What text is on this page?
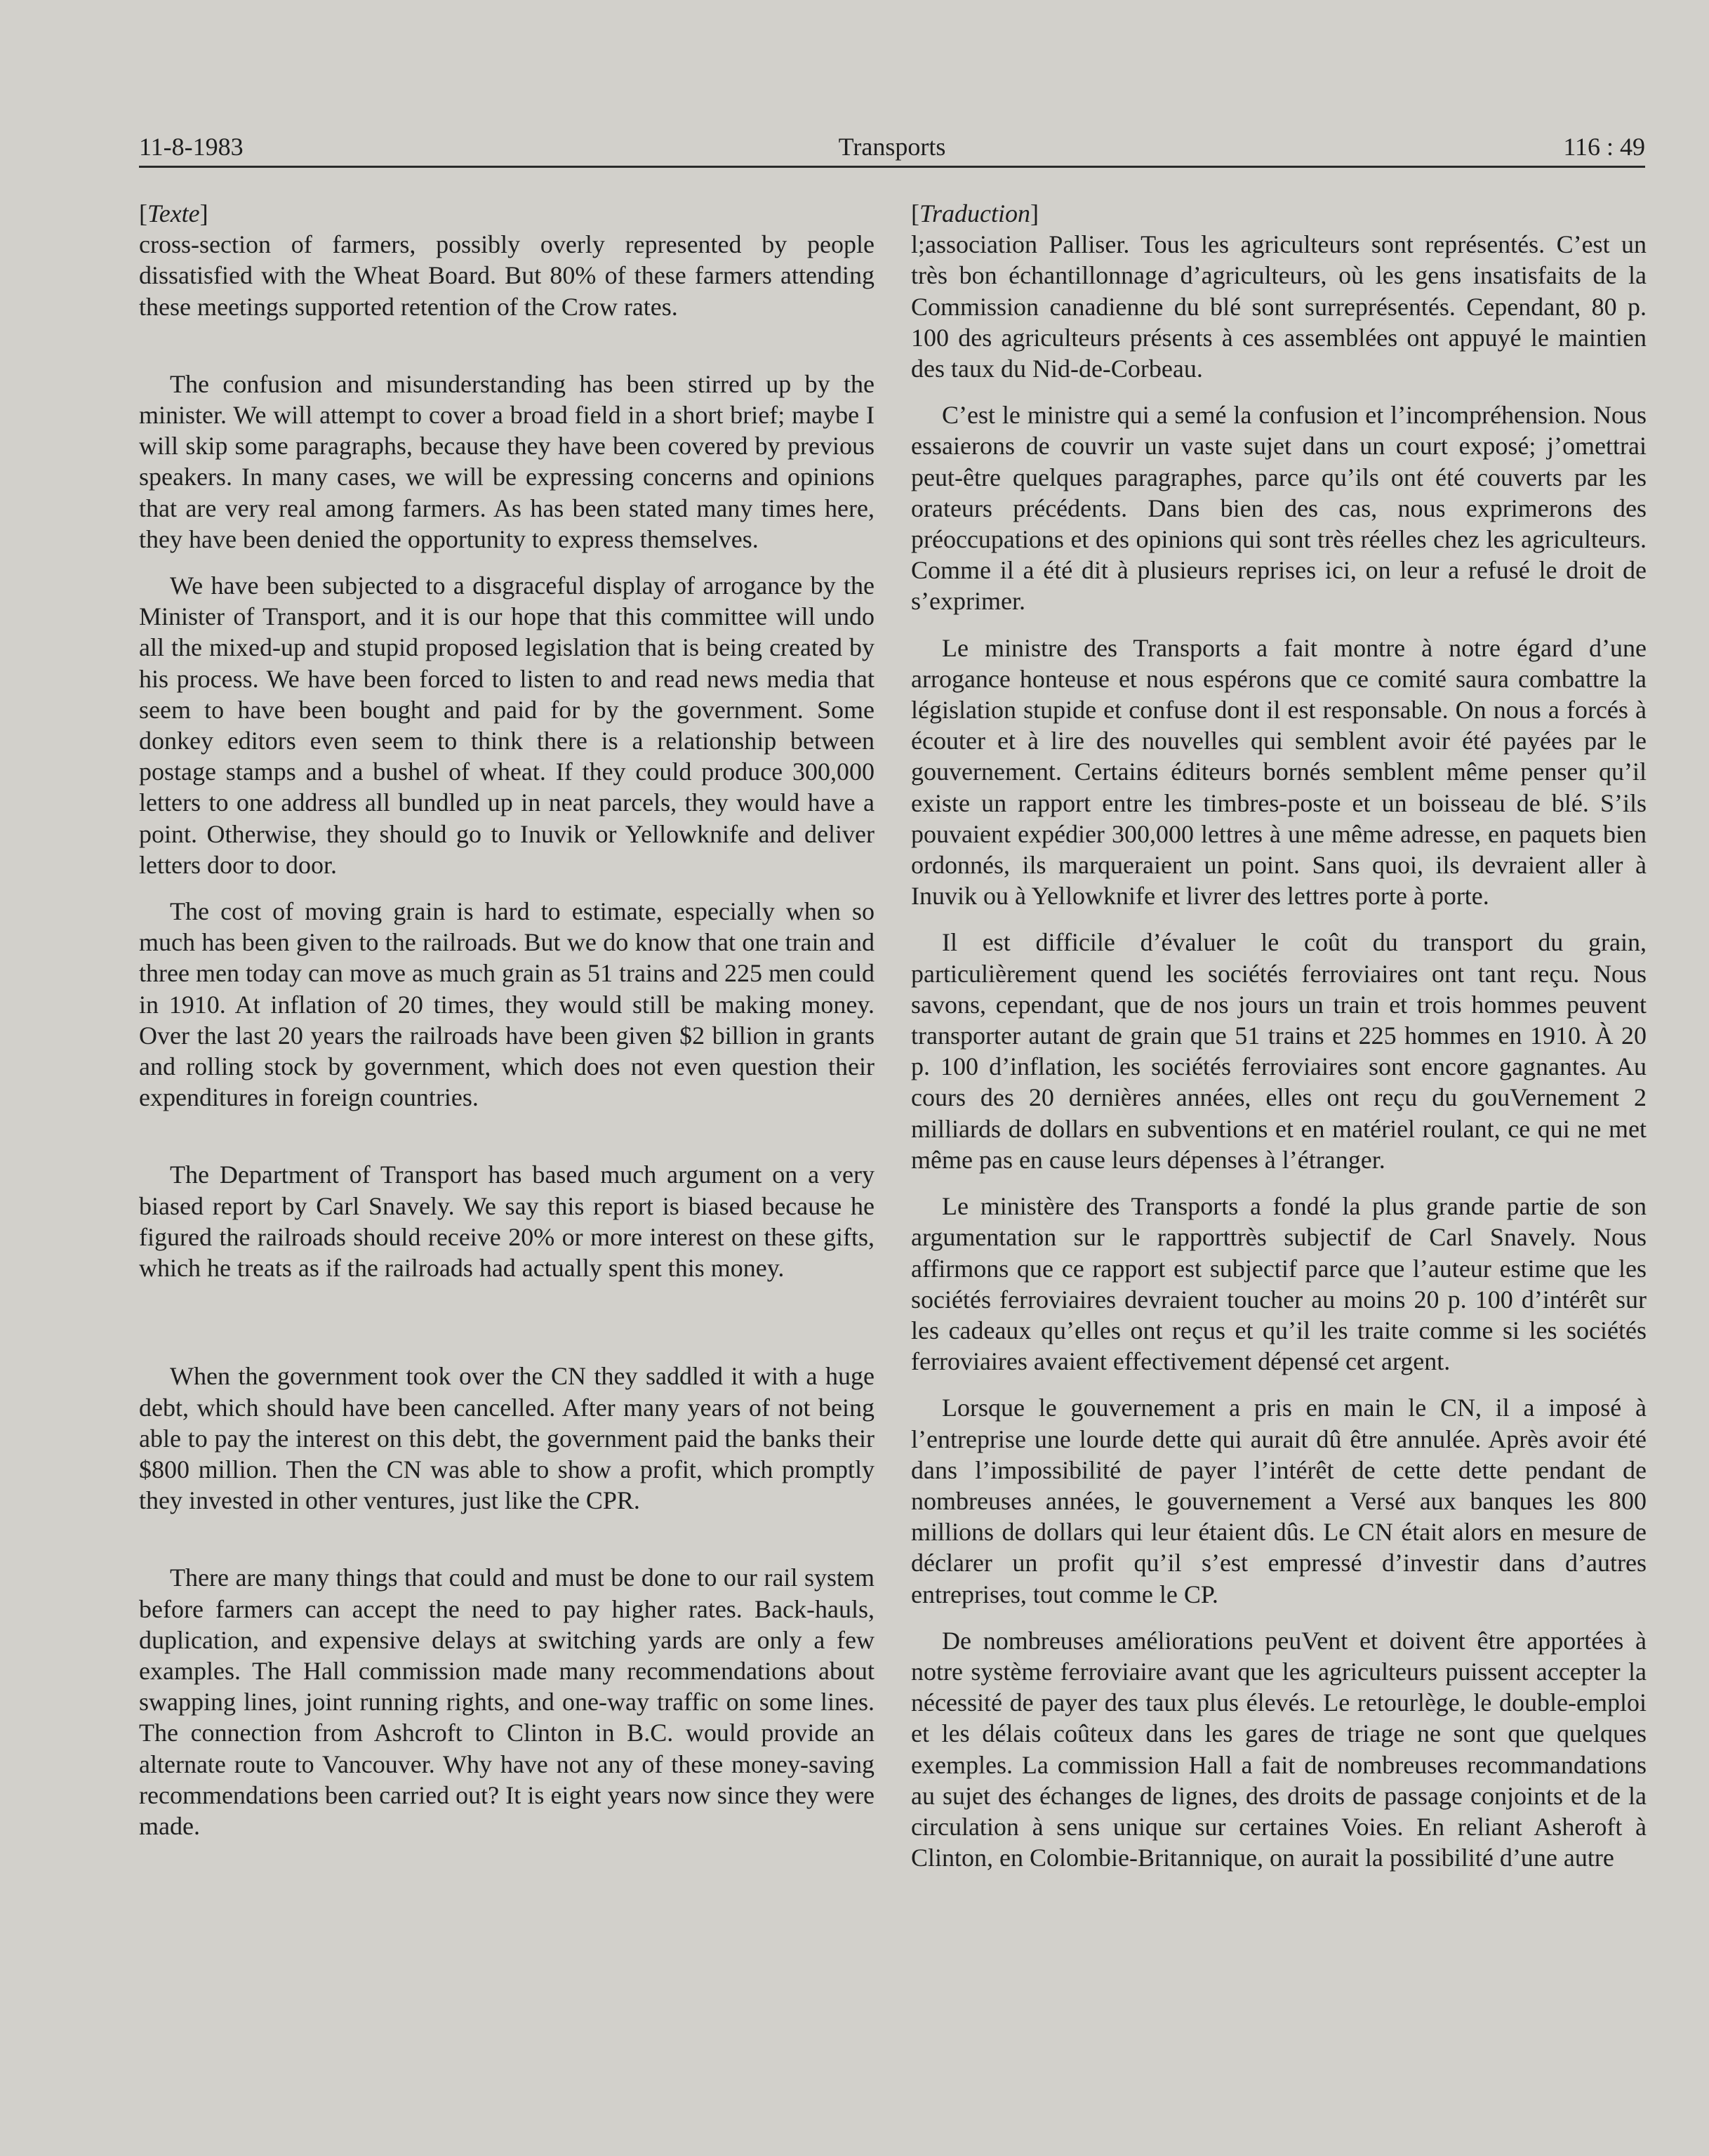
Transports
11-8-1983	116 : 49

[Texte]

cross-section of farmers, possibly overly represented by people dissatisfied with the Wheat Board. But 80% of these farmers attending these meetings supported retention of the Crow rates.

The confusion and misunderstanding has been stirred up by the minister. We will attempt to cover a broad field in a short brief; maybe I will skip some paragraphs, because they have been covered by previous speakers. In many cases, we will be expressing concerns and opinions that are very real among farmers. As has been stated many times here, they have been denied the opportunity to express themselves.

We have been subjected to a disgraceful display of arrogance by the Minister of Transport, and it is our hope that this committee will undo all the mixed-up and stupid proposed legislation that is being created by his process. We have been forced to listen to and read news media that seem to have been bought and paid for by the government. Some donkey editors even seem to think there is a relationship between postage stamps and a bushel of wheat. If they could produce 300,000 letters to one address all bundled up in neat parcels, they would have a point. Otherwise, they should go to Inuvik or Yellowknife and deliver letters door to door.

The cost of moving grain is hard to estimate, especially when so much has been given to the railroads. But we do know that one train and three men today can move as much grain as 51 trains and 225 men could in 1910. At inflation of 20 times, they would still be making money. Over the last 20 years the railroads have been given $2 billion in grants and rolling stock by government, which does not even question their expenditures in foreign countries.

The Department of Transport has based much argument on a very biased report by Carl Snavely. We say this report is biased because he figured the railroads should receive 20% or more interest on these gifts, which he treats as if the railroads had actually spent this money.

When the government took over the CN they saddled it with a huge debt, which should have been cancelled. After many years of not being able to pay the interest on this debt, the government paid the banks their $800 million. Then the CN was able to show a profit, which promptly they invested in other ventures, just like the CPR.

There are many things that could and must be done to our rail system before farmers can accept the need to pay higher rates. Back-hauls, duplication, and expensive delays at switching yards are only a few examples. The Hall commission made many recommendations about swapping lines, joint running rights, and one-way traffic on some lines. The connection from Ashcroft to Clinton in B.C. would provide an alternate route to Vancouver. Why have not any of these money-saving recommendations been carried out? It is eight years now since they were made.

[Traduction]

l;association Palliser. Tous les agriculteurs sont représentés. C’est un très bon échantillonnage d’agriculteurs, où les gens insatisfaits de la Commission canadienne du blé sont surreprésentés. Cependant, 80 p. 100 des agriculteurs présents à ces assemblées ont appuyé le maintien des taux du Nid-de-Corbeau.

C’est le ministre qui a semé la confusion et l’incompréhension. Nous essaierons de couvrir un vaste sujet dans un court exposé; j’omettrai peut-être quelques paragraphes, parce qu’ils ont été couverts par les orateurs précédents. Dans bien des cas, nous exprimerons des préoccupations et des opinions qui sont très réelles chez les agriculteurs. Comme il a été dit à plusieurs reprises ici, on leur a refusé le droit de s’exprimer.

Le ministre des Transports a fait montre à notre égard d’une arrogance honteuse et nous espérons que ce comité saura combattre la législation stupide et confuse dont il est responsable. On nous a forcés à écouter et à lire des nouvelles qui semblent avoir été payées par le gouvernement. Certains éditeurs bornés semblent même penser qu’il existe un rapport entre les timbres-poste et un boisseau de blé. S’ils pouvaient expédier 300,000 lettres à une même adresse, en paquets bien ordonnés, ils marqueraient un point. Sans quoi, ils devraient aller à Inuvik ou à Yellowknife et livrer des lettres porte à porte.

Il est difficile d’évaluer le coût du transport du grain, particulièrement quend les sociétés ferroviaires ont tant reçu. Nous savons, cependant, que de nos jours un train et trois hommes peuvent transporter autant de grain que 51 trains et 225 hommes en 1910. À 20 p. 100 d’inflation, les sociétés ferroviaires sont encore gagnantes. Au cours des 20 dernières années, elles ont reçu du gouVernement 2 milliards de dollars en subventions et en matériel roulant, ce qui ne met même pas en cause leurs dépenses à l’étranger.

Le ministère des Transports a fondé la plus grande partie de son argumentation sur le rapporttrès subjectif de Carl Snavely. Nous affirmons que ce rapport est subjectif parce que l’auteur estime que les sociétés ferroviaires devraient toucher au moins 20 p. 100 d’intérêt sur les cadeaux qu’elles ont reçus et qu’il les traite comme si les sociétés ferroviaires avaient effectivement dépensé cet argent.

Lorsque le gouvernement a pris en main le CN, il a imposé à l’entreprise une lourde dette qui aurait dû être annulée. Après avoir été dans l’impossibilité de payer l’intérêt de cette dette pendant de nombreuses années, le gouvernement a Versé aux banques les 800 millions de dollars qui leur étaient dûs. Le CN était alors en mesure de déclarer un profit qu’il s’est empressé d’investir dans d’autres entreprises, tout comme le CP.

De nombreuses améliorations peuVent et doivent être apportées à notre système ferroviaire avant que les agriculteurs puissent accepter la nécessité de payer des taux plus élevés. Le retourlège, le double-emploi et les délais coûteux dans les gares de triage ne sont que quelques exemples. La commission Hall a fait de nombreuses recommandations au sujet des échanges de lignes, des droits de passage conjoints et de la circulation à sens unique sur certaines Voies. En reliant Asheroft à Clinton, en Colombie-Britannique, on aurait la possibilité d’une autre
